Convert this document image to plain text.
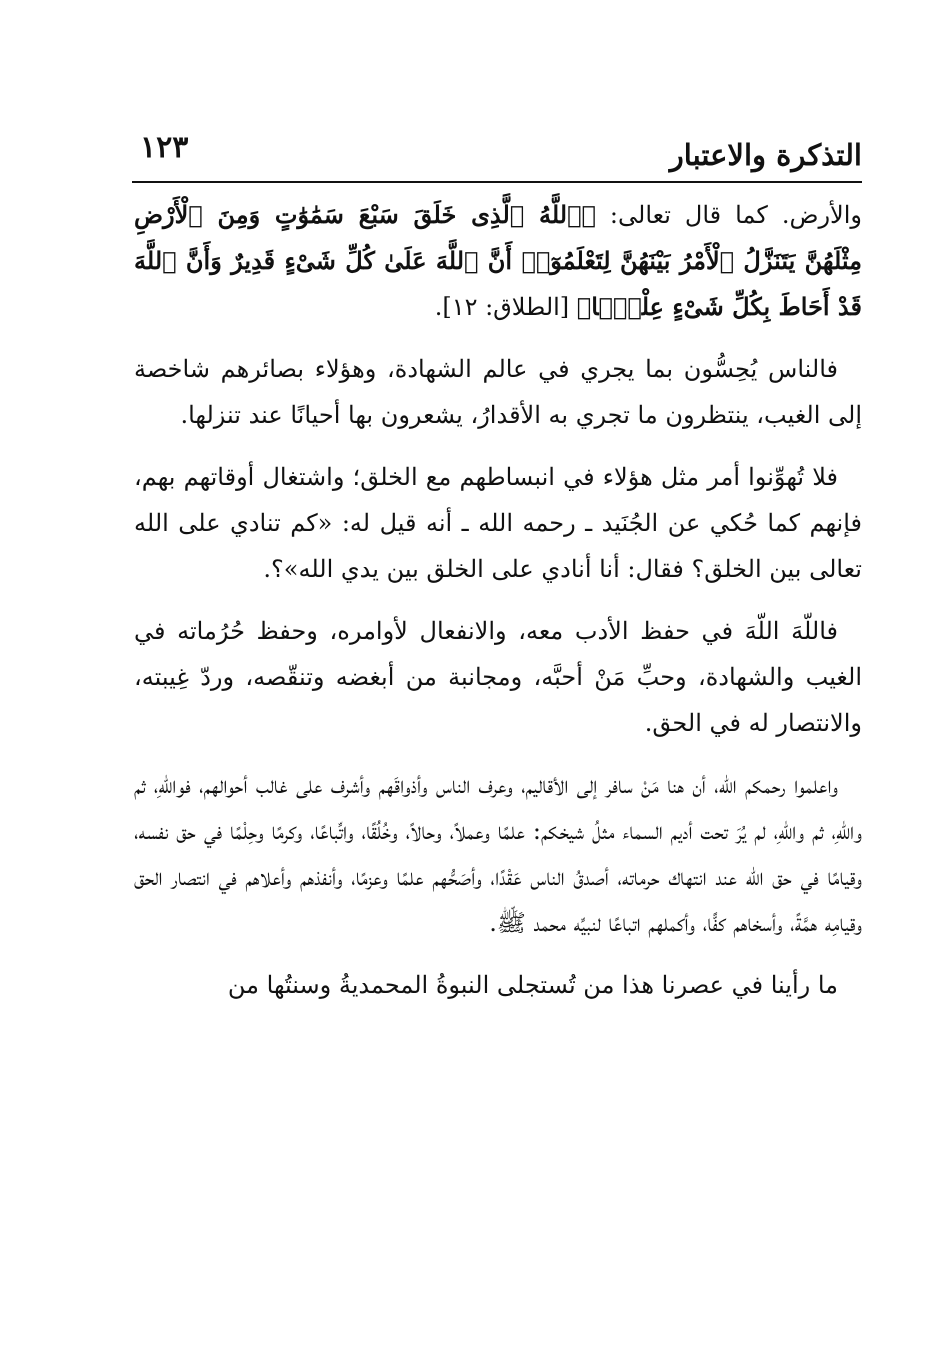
التذكرة والاعتبار
١٢٣

والأرض. كما قال تعالى: ﴿ٱللَّهُ ٱلَّذِى خَلَقَ سَبْعَ سَمَٰوَٰتٍ وَمِنَ ٱلْأَرْضِ مِثْلَهُنَّ يَتَنَزَّلُ ٱلْأَمْرُ بَيْنَهُنَّ لِتَعْلَمُوٓا۟ أَنَّ ٱللَّهَ عَلَىٰ كُلِّ شَىْءٍ قَدِيرٌ وَأَنَّ ٱللَّهَ قَدْ أَحَاطَ بِكُلِّ شَىْءٍ عِلْمًۢا﴾ [الطلاق: ١٢].

فالناس يُحِسُّون بما يجري في عالم الشهادة، وهؤلاء بصائرهم شاخصة إلى الغيب، ينتظرون ما تجري به الأقدارُ، يشعرون بها أحيانًا عند تنزلها.

فلا تُهوِّنوا أمر مثل هؤلاء في انبساطهم مع الخلق؛ واشتغال أوقاتهم بهم، فإنهم كما حُكي عن الجُنَيد ـ رحمه الله ـ أنه قيل له: «كم تنادي على الله تعالى بين الخلق؟ فقال: أنا أنادي على الخلق بين يدي الله»؟.

فاللّهَ اللّهَ في حفظ الأدب معه، والانفعال لأوامره، وحفظ حُرُماته في الغيب والشهادة، وحبِّ مَنْ أحبَّه، ومجانبة من أبغضه وتنقّصه، وردّ غِيبته، والانتصار له في الحق.

واعلموا رحمكم الله، أن هنا مَنْ سافر إلى الأقاليم، وعرف الناس وأذواقَهم وأشرف على غالب أحوالهم، فواللهِ، ثم واللهِ، ثم واللّهِ، لم يُرَ تحت أديم السماء مثلُ شيخكم: علمًا وعملاً، وحالاً، وخُلُقًا، واتِّباعًا، وكرمًا وحِلْمًا في حق نفسه، وقيامًا في حق الله عند انتهاك حرماته، أصدقُ الناس عَقْدًا، وأصَحُّهم علمًا وعزمًا، وأنفذهم وأعلاهم في انتصار الحق وقيامِه همَّةً، وأسخاهم كفًّا، وأكملهم اتباعًا لنبيِّه محمد ﷺ.

ما رأينا في عصرنا هذا من تُستجلى النبوةُ المحمديةُ وسنتُها من
